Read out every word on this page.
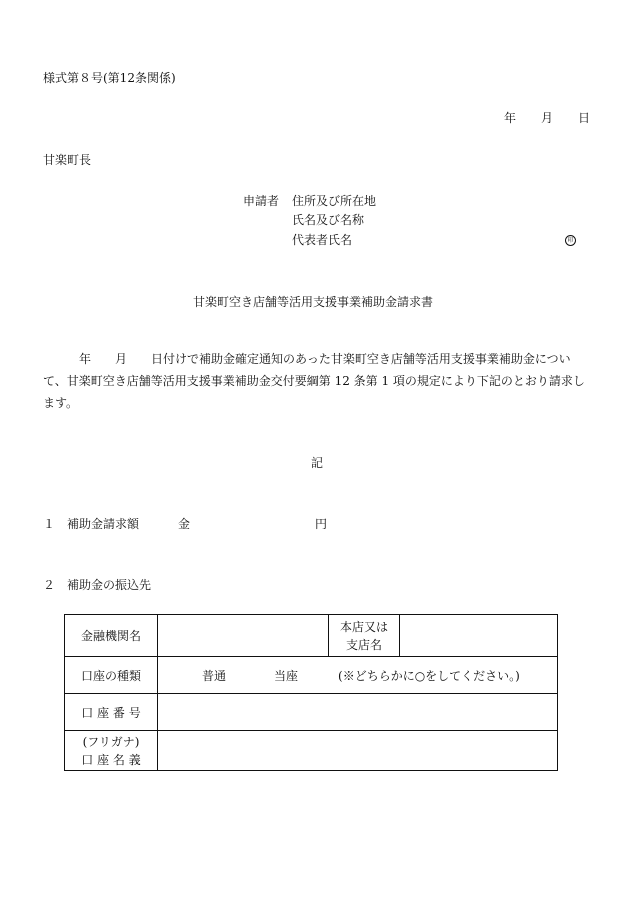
様式第８号(第12条関係)
年 月 日
甘楽町長
申請者 住所及び所在地
氏名及び名称
代表者氏名	印
甘楽町空き店舗等活用支援事業補助金請求書
年 月 日付けで補助金確定通知のあった甘楽町空き店舗等活用支援事業補助金につい
て、甘楽町空き店舗等活用支援事業補助金交付要綱第 12 条第 1 項の規定により下記のとおり請求し
ます。
記
１ 補助金請求額	金	円
２ 補助金の振込先
金融機関名		本店又は
支店名	

口座の種類	普通 当座 (※どちらかに○をしてください。)		

口 座 番 号			

(フリガナ)
口 座 名 義			
